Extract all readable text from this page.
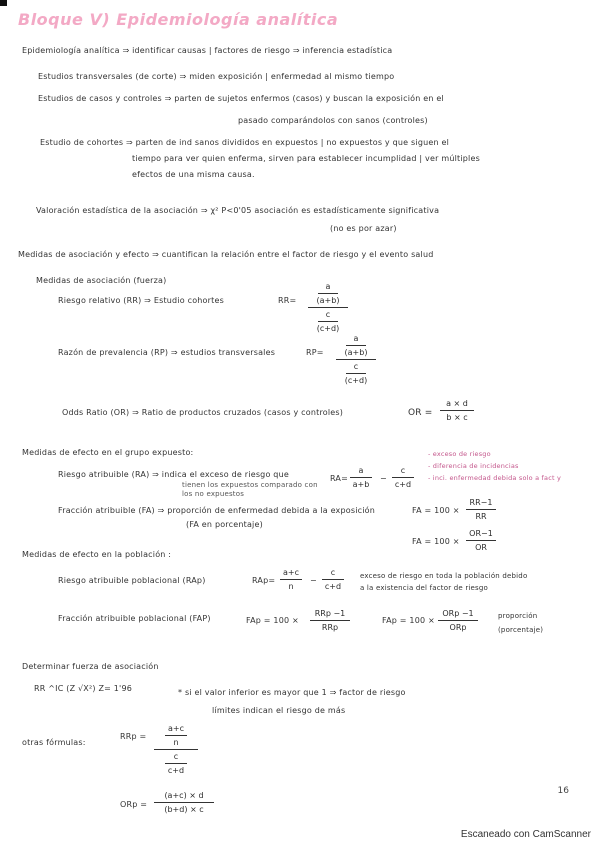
Bloque V) Epidemiología analítica
Epidemiología analítica ⇒ identificar causas | factores de riesgo ⇒ inferencia estadística
Estudios transversales (de corte) ⇒ miden exposición | enfermedad al mismo tiempo
Estudios de casos y controles ⇒ parten de sujetos enfermos (casos) y buscan la exposición en el
pasado comparándolos con sanos (controles)
Estudio de cohortes ⇒ parten de ind sanos divididos en expuestos | no expuestos y que siguen el
tiempo para ver quien enferma, sirven para establecer incumplidad | ver múltiples
efectos de una misma causa.
Valoración estadística de la asociación ⇒ χ² P<0'05 asociación es estadísticamente significativa
(no es por azar)
Medidas de asociación y efecto ⇒ cuantifican la relación entre el factor de riesgo y el evento salud
Medidas de asociación (fuerza)
Riesgo relativo (RR) ⇒ Estudio cohortes	RR=
a
(a+b)
c
(c+d)
Razón de prevalencia (RP) ⇒ estudios transversales	RP=
a
(a+b)
c
(c+d)
Odds Ratio (OR) ⇒ Ratio de productos cruzados (casos y controles)	OR =
a × d
b × c
Medidas de efecto en el grupo expuesto:
Riesgo atribuible (RA) ⇒ indica el exceso de riesgo que
tienen los expuestos comparado con
los no expuestos
RA=
a
a+b
−
c
c+d
- exceso de riesgo
- diferencia de incidencias
- inci. enfermedad debida solo a fact y
Fracción atribuible (FA) ⇒ proporción de enfermedad debida a la exposición
(FA en porcentaje)
FA = 100 ×
RR−1
RR
FA = 100 ×
OR−1
OR
Medidas de efecto en la población :
Riesgo atribuible poblacional (RAp)	RAp=
a+c
n
−
c
c+d
exceso de riesgo en toda la población debido
a la existencia del factor de riesgo
Fracción atribuible poblacional (FAP)	FAp = 100 ×
RRp −1
RRp
FAp = 100 ×
ORp −1
ORp
proporción
(porcentaje)
Determinar fuerza de asociación
RR ^IC (Z √X²) Z= 1'96	* si el valor inferior es mayor que 1 ⇒ factor de riesgo
límites indican el riesgo de más
otras fórmulas:
RRp =
a+c
n
c
c+d
ORp =
(a+c) × d
(b+d) × c
16
Escaneado con CamScanner
